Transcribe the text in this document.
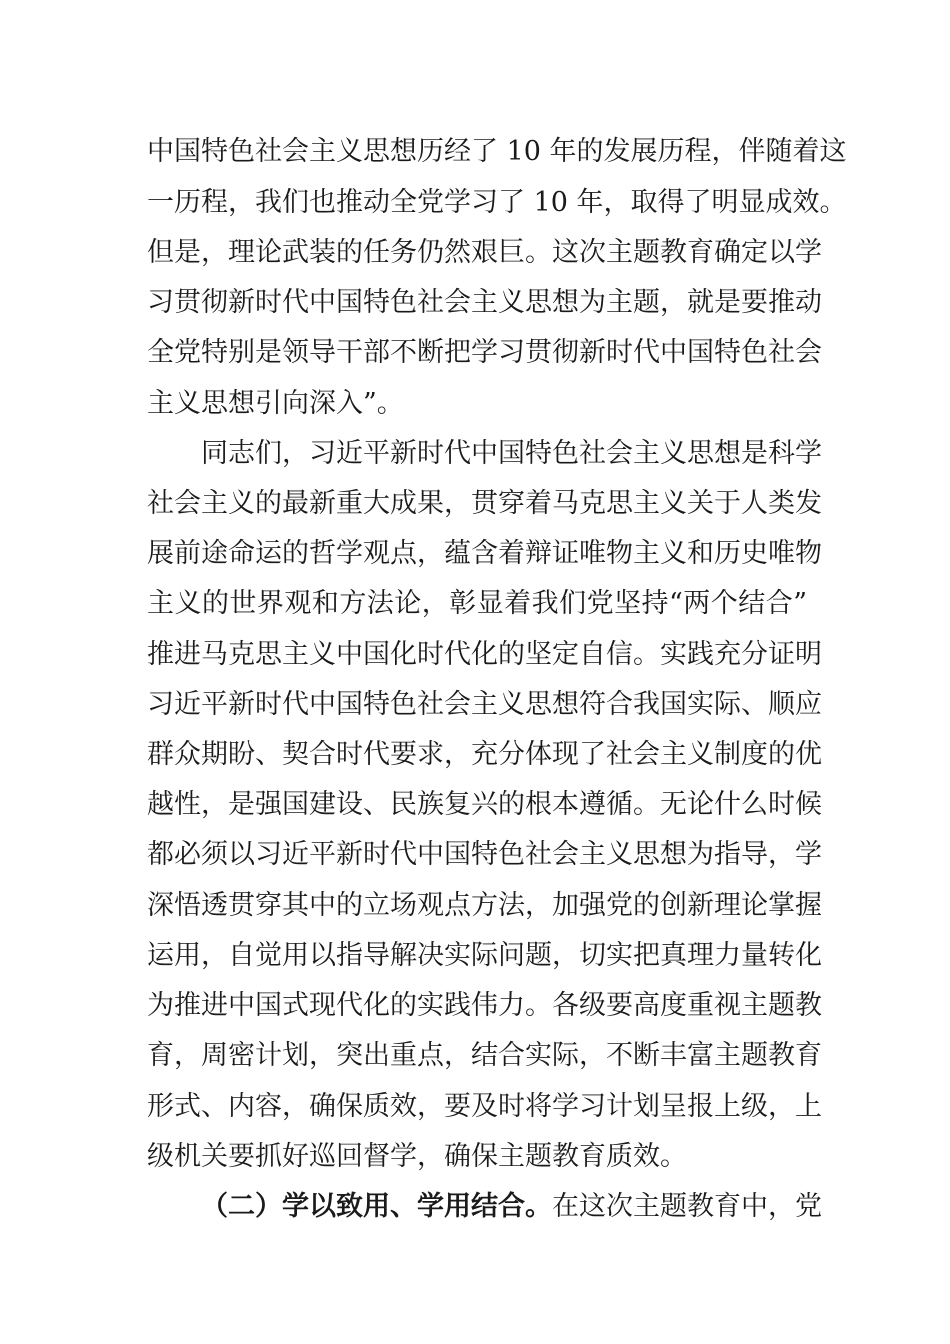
中国特色社会主义思想历经了 10 年的发展历程，伴随着这
一历程，我们也推动全党学习了 10 年，取得了明显成效。
但是，理论武装的任务仍然艰巨。这次主题教育确定以学
习贯彻新时代中国特色社会主义思想为主题，就是要推动
全党特别是领导干部不断把学习贯彻新时代中国特色社会
主义思想引向深入”。
同志们，习近平新时代中国特色社会主义思想是科学
社会主义的最新重大成果，贯穿着马克思主义关于人类发
展前途命运的哲学观点，蕴含着辩证唯物主义和历史唯物
主义的世界观和方法论，彰显着我们党坚持“两个结合”
推进马克思主义中国化时代化的坚定自信。实践充分证明
习近平新时代中国特色社会主义思想符合我国实际、顺应
群众期盼、契合时代要求，充分体现了社会主义制度的优
越性，是强国建设、民族复兴的根本遵循。无论什么时候
都必须以习近平新时代中国特色社会主义思想为指导，学
深悟透贯穿其中的立场观点方法，加强党的创新理论掌握
运用，自觉用以指导解决实际问题，切实把真理力量转化
为推进中国式现代化的实践伟力。各级要高度重视主题教
育，周密计划，突出重点，结合实际，不断丰富主题教育
形式、内容，确保质效，要及时将学习计划呈报上级，上
级机关要抓好巡回督学，确保主题教育质效。
（二）学以致用、学用结合。在这次主题教育中，党
